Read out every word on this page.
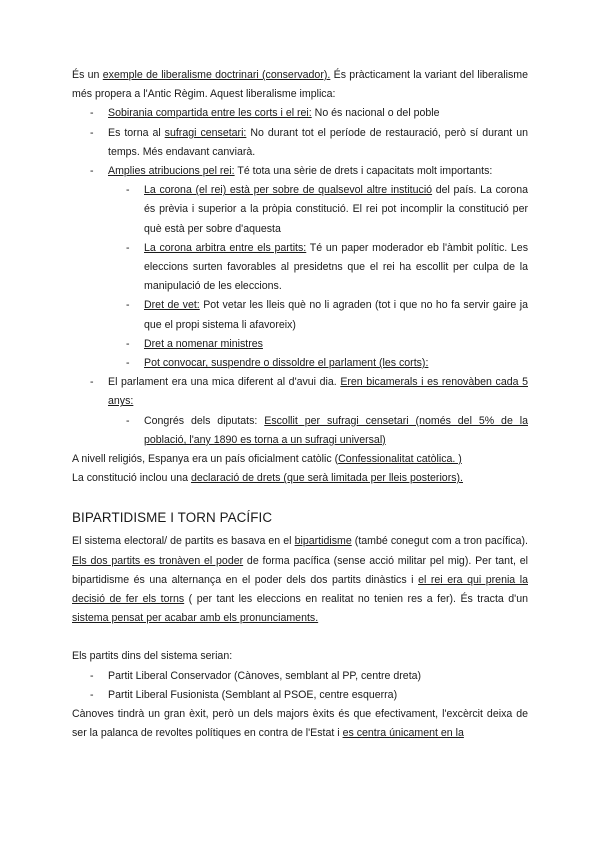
És un exemple de liberalisme doctrinari (conservador). És pràcticament la variant del liberalisme més propera a l'Antic Règim. Aquest liberalisme implica:

- Sobirania compartida entre les corts i el rei: No és nacional o del poble
- Es torna al sufragi censetari: No durant tot el període de restauració, però sí durant un temps. Més endavant canviarà.
- Amplies atribucions pel rei: Té tota una sèrie de drets i capacitats molt importants:
- La corona (el rei) està per sobre de qualsevol altre institució del país. La corona és prèvia i superior a la pròpia constitució. El rei pot incomplir la constitució per què està per sobre d'aquesta
- La corona arbitra entre els partits: Té un paper moderador eb l'àmbit polític. Les eleccions surten favorables al presidetns que el rei ha escollit per culpa de la manipulació de les eleccions.
- Dret de vet: Pot vetar les lleis què no li agraden (tot i que no ho fa servir gaire ja que el propi sistema li afavoreix)
- Dret a nomenar ministres
- Pot convocar, suspendre o dissoldre el parlament (les corts):
- El parlament era una mica diferent al d'avui dia. Eren bicamerals i es renovàben cada 5 anys:
- Congrés dels diputats: Escollit per sufragi censetari (només del 5% de la població, l'any 1890 es torna a un sufragi universal)

A nivell religiós, Espanya era un país oficialment catòlic (Confessionalitat catòlica. )

La constitució inclou una declaració de drets (que serà limitada per lleis posteriors).

BIPARTIDISME I TORN PACÍFIC

El sistema electoral/ de partits es basava en el bipartidisme (també conegut com a tron pacífica). Els dos partits es tronàven el poder de forma pacífica (sense acció militar pel mig). Per tant, el bipartidisme és una alternança en el poder dels dos partits dinàstics i el rei era qui prenia la decisió de fer els torns ( per tant les eleccions en realitat no tenien res a fer). És tracta d'un sistema pensat per acabar amb els pronunciaments.

Els partits dins del sistema serian:

- Partit Liberal Conservador (Cànoves, semblant al PP, centre dreta)
- Partit Liberal Fusionista (Semblant al PSOE, centre esquerra)

Cànoves tindrà un gran èxit, però un dels majors èxits és que efectivament, l'excèrcit deixa de ser la palanca de revoltes polítiques en contra de l'Estat i es centra únicament en la
